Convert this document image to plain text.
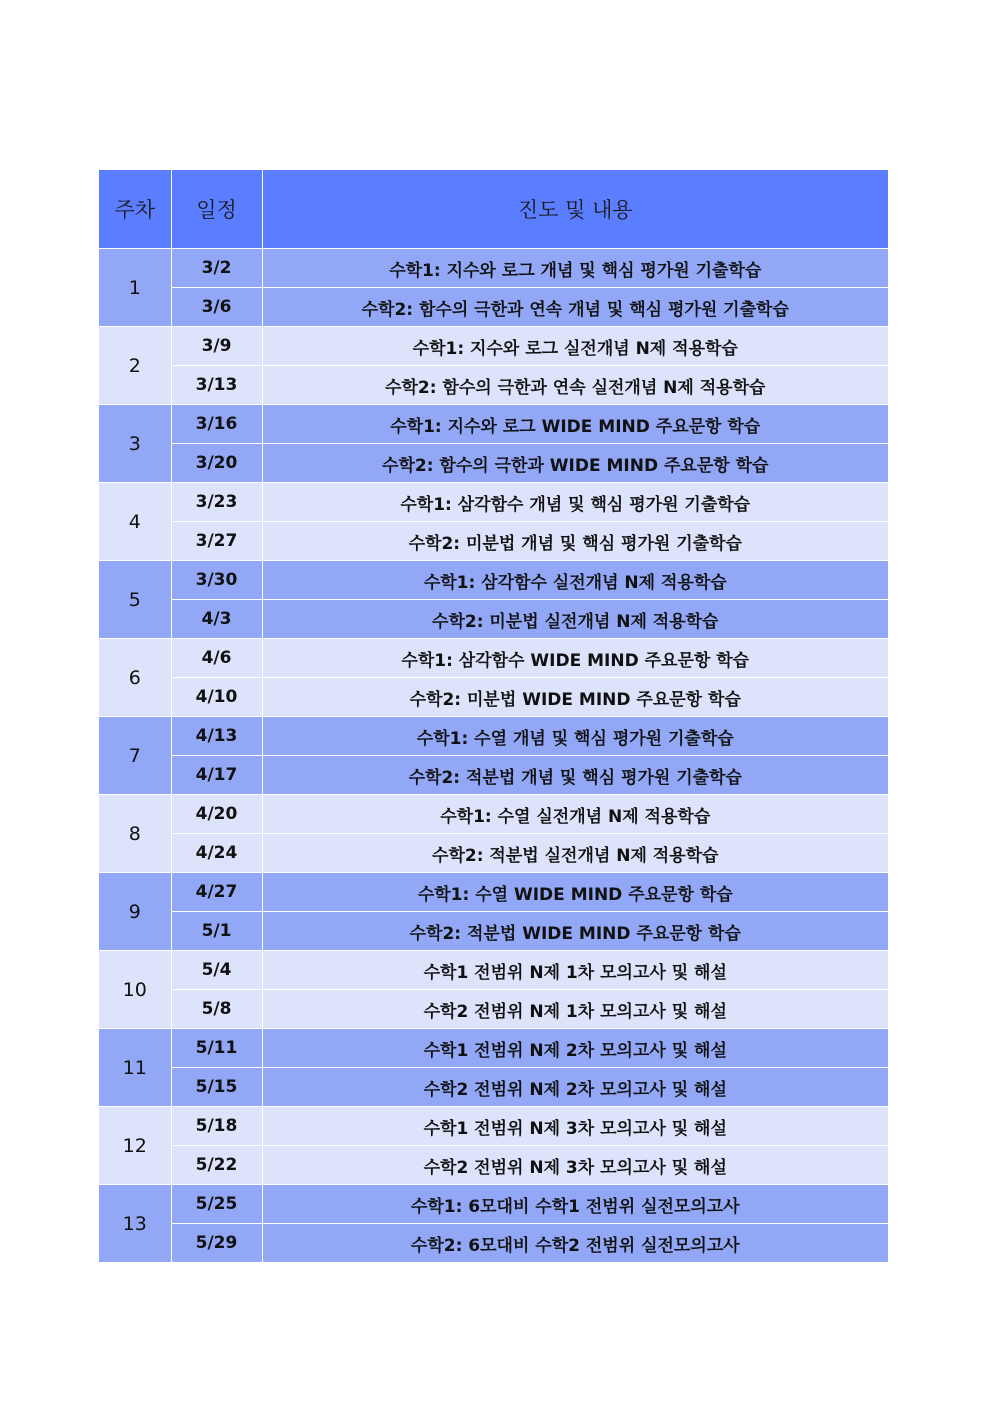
주차	일정	진도 및 내용
1	3/2	수학1: 지수와 로그 개념 및 핵심 평가원 기출학습
	3/6	수학2: 함수의 극한과 연속 개념 및 핵심 평가원 기출학습
2	3/9	수학1: 지수와 로그 실전개념 N제 적용학습
	3/13	수학2: 함수의 극한과 연속 실전개념 N제 적용학습
3	3/16	수학1: 지수와 로그 WIDE MIND 주요문항 학습
	3/20	수학2: 함수의 극한과 WIDE MIND 주요문항 학습
4	3/23	수학1: 삼각함수 개념 및 핵심 평가원 기출학습
	3/27	수학2: 미분법 개념 및 핵심 평가원 기출학습
5	3/30	수학1: 삼각함수 실전개념 N제 적용학습
	4/3	수학2: 미분법 실전개념 N제 적용학습
6	4/6	수학1: 삼각함수 WIDE MIND 주요문항 학습
	4/10	수학2: 미분법 WIDE MIND 주요문항 학습
7	4/13	수학1: 수열 개념 및 핵심 평가원 기출학습
	4/17	수학2: 적분법 개념 및 핵심 평가원 기출학습
8	4/20	수학1: 수열 실전개념 N제 적용학습
	4/24	수학2: 적분법 실전개념 N제 적용학습
9	4/27	수학1: 수열 WIDE MIND 주요문항 학습
	5/1	수학2: 적분법 WIDE MIND 주요문항 학습
10	5/4	수학1 전범위 N제 1차 모의고사 및 해설
	5/8	수학2 전범위 N제 1차 모의고사 및 해설
11	5/11	수학1 전범위 N제 2차 모의고사 및 해설
	5/15	수학2 전범위 N제 2차 모의고사 및 해설
12	5/18	수학1 전범위 N제 3차 모의고사 및 해설
	5/22	수학2 전범위 N제 3차 모의고사 및 해설
13	5/25	수학1: 6모대비 수학1 전범위 실전모의고사
	5/29	수학2: 6모대비 수학2 전범위 실전모의고사
